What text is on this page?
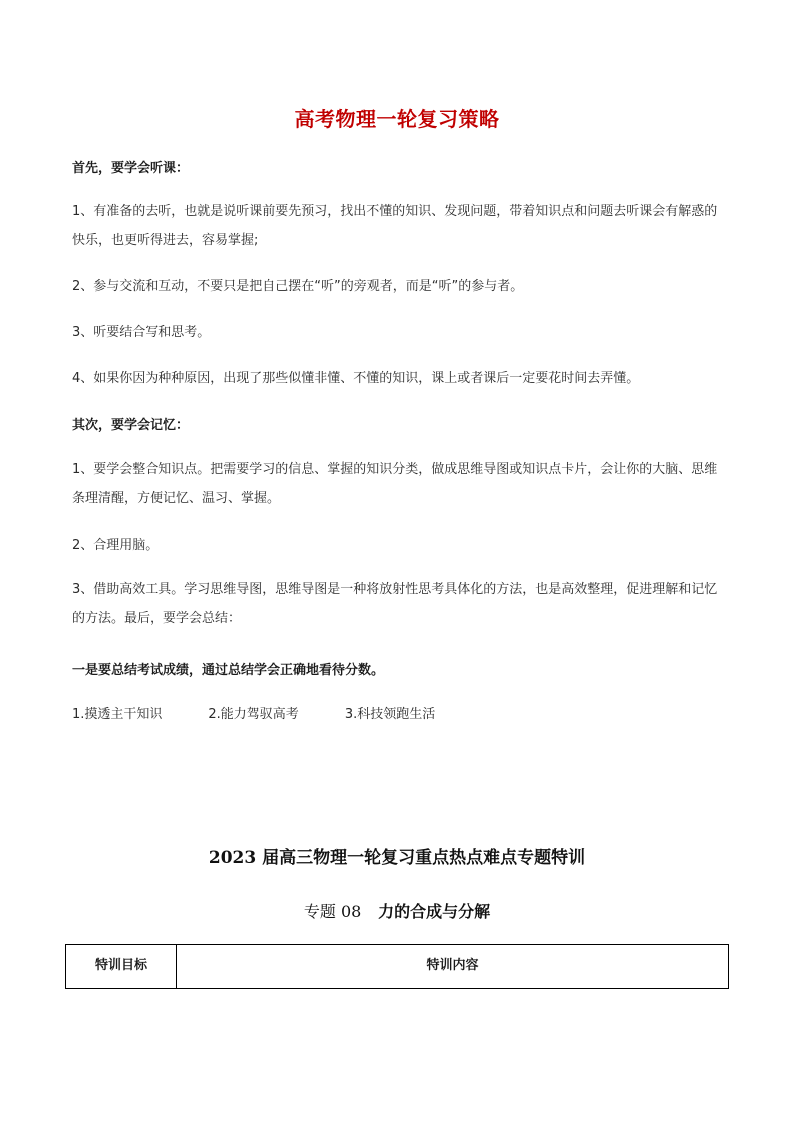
高考物理一轮复习策略

首先，要学会听课：

1、有准备的去听，也就是说听课前要先预习，找出不懂的知识、发现问题，带着知识点和问题去听课会有解惑的快乐，也更听得进去，容易掌握;

2、参与交流和互动，不要只是把自己摆在“听”的旁观者，而是“听”的参与者。

3、听要结合写和思考。

4、如果你因为种种原因，出现了那些似懂非懂、不懂的知识，课上或者课后一定要花时间去弄懂。

其次，要学会记忆：

1、要学会整合知识点。把需要学习的信息、掌握的知识分类，做成思维导图或知识点卡片，会让你的大脑、思维条理清醒，方便记忆、温习、掌握。

2、合理用脑。

3、借助高效工具。学习思维导图，思维导图是一种将放射性思考具体化的方法，也是高效整理，促进理解和记忆的方法。最后，要学会总结：

一是要总结考试成绩，通过总结学会正确地看待分数。

1.摸透主干知识	2.能力驾驭高考	3.科技领跑生活
2023 届高三物理一轮复习重点热点难点专题特训
专题 08 力的合成与分解
特训目标	特训内容
